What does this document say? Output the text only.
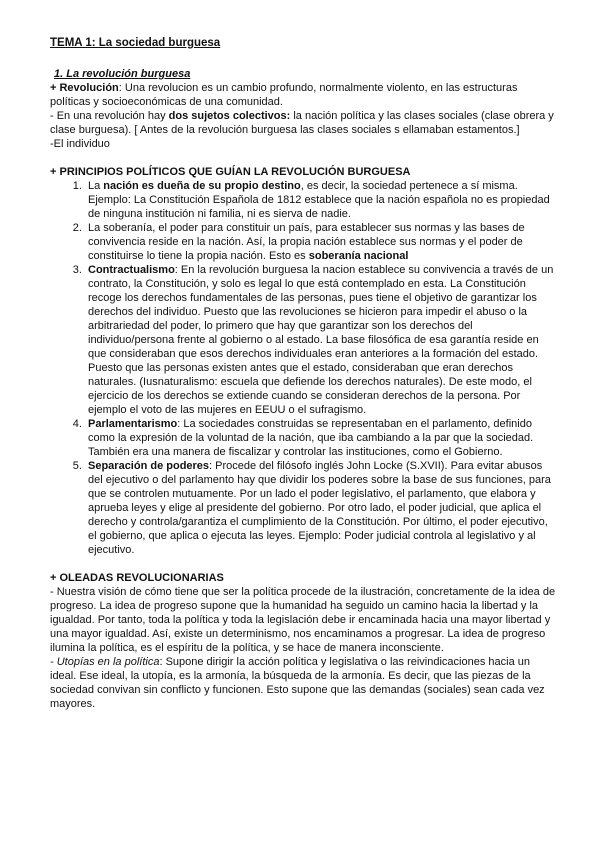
TEMA 1: La sociedad burguesa

1. La revolución burguesa

+ Revolución: Una revolucion es un cambio profundo, normalmente violento, en las estructuras políticas y socioeconómicas de una comunidad.

- En una revolución hay dos sujetos colectivos: la nación política y las clases sociales (clase obrera y clase burguesa). [ Antes de la revolución burguesa las clases sociales s ellamaban estamentos.]

-El individuo

+ PRINCIPIOS POLÍTICOS QUE GUÍAN LA REVOLUCIÓN BURGUESA

1. La nación es dueña de su propio destino, es decir, la sociedad pertenece a sí misma. Ejemplo: La Constitución Española de 1812 establece que la nación española no es propiedad de ninguna institución ni familia, ni es sierva de nadie.
2. La soberanía, el poder para constituir un país, para establecer sus normas y las bases de convivencia reside en la nación. Así, la propia nación establece sus normas y el poder de constituirse lo tiene la propia nación. Esto es soberanía nacional
3. Contractualismo: En la revolución burguesa la nacion establece su convivencia a través de un contrato, la Constitución, y solo es legal lo que está contemplado en esta. La Constitución recoge los derechos fundamentales de las personas, pues tiene el objetivo de garantizar los derechos del individuo. Puesto que las revoluciones se hicieron para impedir el abuso o la arbitrariedad del poder, lo primero que hay que garantizar son los derechos del individuo/persona frente al gobierno o al estado. La base filosófica de esa garantía reside en que consideraban que esos derechos individuales eran anteriores a la formación del estado. Puesto que las personas existen antes que el estado, consideraban que eran derechos naturales. (Iusnaturalismo: escuela que defiende los derechos naturales). De este modo, el ejercicio de los derechos se extiende cuando se consideran derechos de la persona. Por ejemplo el voto de las mujeres en EEUU o el sufragismo.
4. Parlamentarismo: La sociedades construidas se representaban en el parlamento, definido como la expresión de la voluntad de la nación, que iba cambiando a la par que la sociedad. También era una manera de fiscalizar y controlar las instituciones, como el Gobierno.
5. Separación de poderes: Procede del filósofo inglés John Locke (S.XVII). Para evitar abusos del ejecutivo o del parlamento hay que dividir los poderes sobre la base de sus funciones, para que se controlen mutuamente. Por un lado el poder legislativo, el parlamento, que elabora y aprueba leyes y elige al presidente del gobierno. Por otro lado, el poder judicial, que aplica el derecho y controla/garantiza el cumplimiento de la Constitución. Por último, el poder ejecutivo, el gobierno, que aplica o ejecuta las leyes. Ejemplo: Poder judicial controla al legislativo y al ejecutivo.

+ OLEADAS REVOLUCIONARIAS

- Nuestra visión de cómo tiene que ser la política procede de la ilustración, concretamente de la idea de progreso. La idea de progreso supone que la humanidad ha seguido un camino hacia la libertad y la igualdad. Por tanto, toda la política y toda la legislación debe ir encaminada hacia una mayor libertad y una mayor igualdad. Así, existe un determinismo, nos encaminamos a progresar. La idea de progreso ilumina la política, es el espíritu de la política, y se hace de manera inconsciente.

- Utopías en la política: Supone dirigir la acción política y legislativa o las reivindicaciones hacia un ideal. Ese ideal, la utopía, es la armonía, la búsqueda de la armonía. Es decir, que las piezas de la sociedad convivan sin conflicto y funcionen. Esto supone que las demandas (sociales) sean cada vez mayores.
